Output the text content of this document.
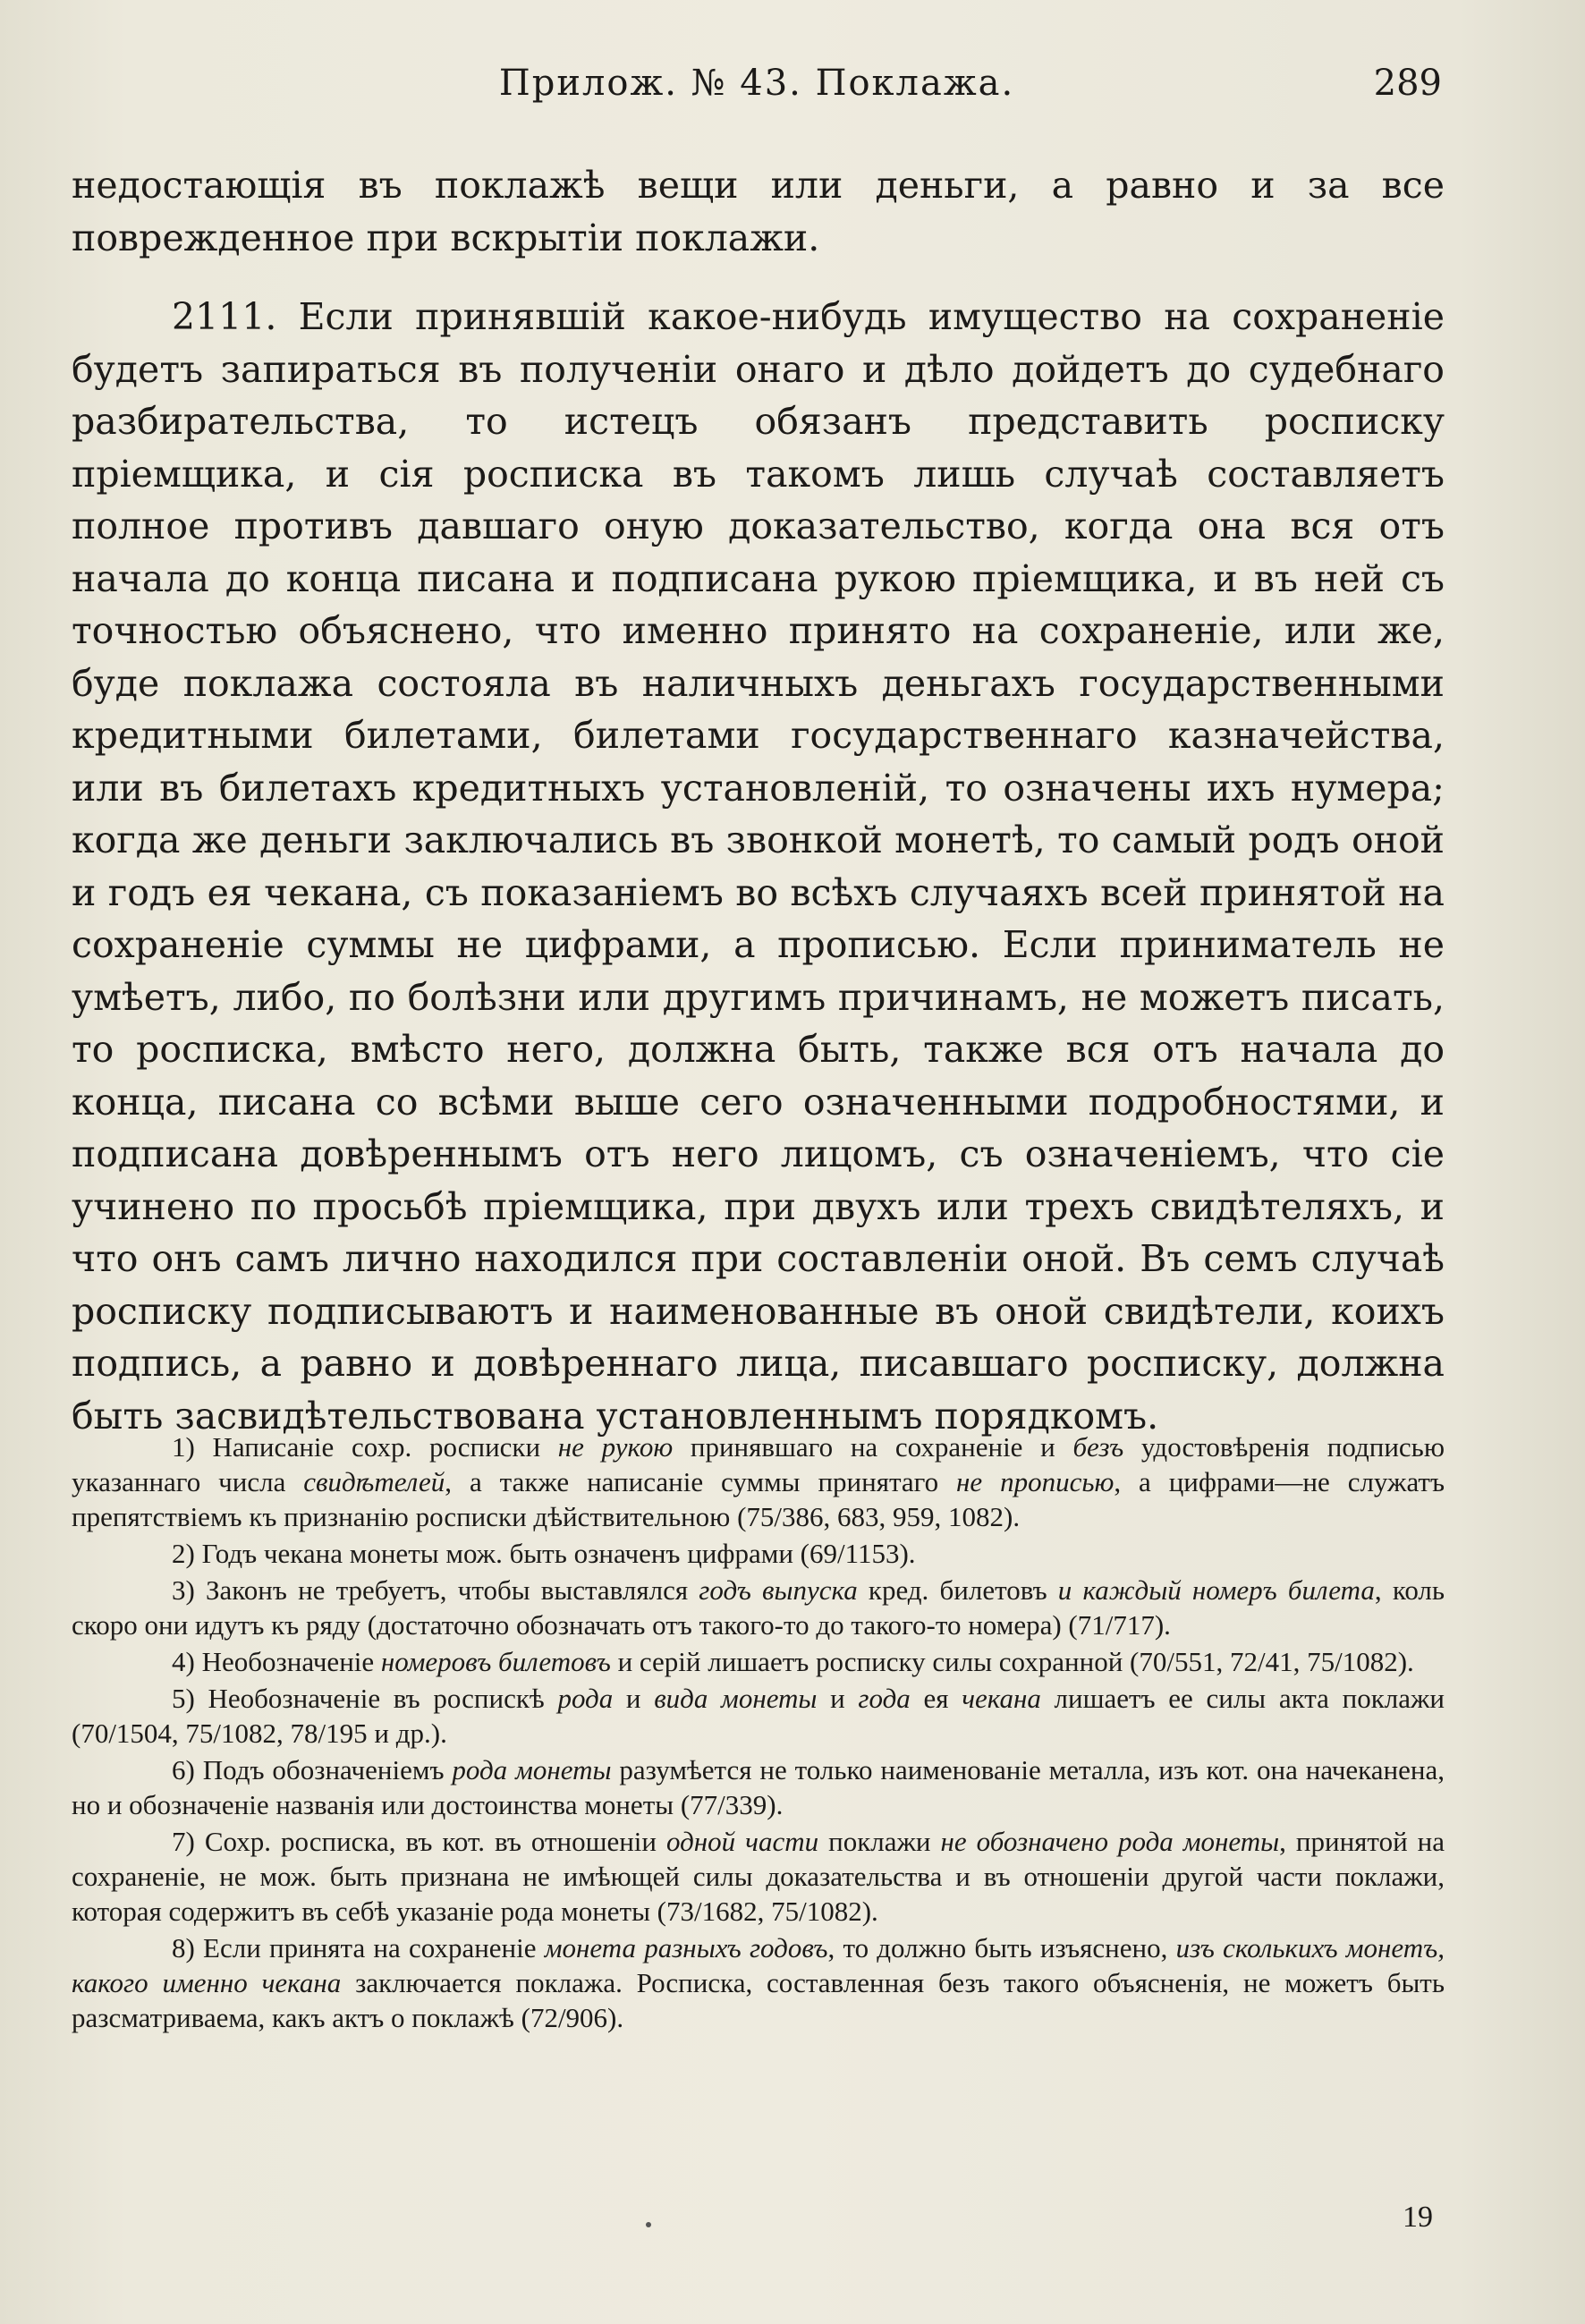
Прилож. № 43. Поклажа.	289

недостающія въ поклажѣ вещи или деньги, а равно и за все поврежденное при вскрытіи поклажи.

2111. Если принявшій какое-нибудь имущество на сохраненіе будетъ запираться въ полученіи онаго и дѣло дойдетъ до судебнаго разбирательства, то истецъ обязанъ представить росписку пріемщика, и сія росписка въ такомъ лишь случаѣ составляетъ полное противъ давшаго оную доказательство, когда она вся отъ начала до конца писана и подписана рукою пріемщика, и въ ней съ точностью объяснено, что именно принято на сохраненіе, или же, буде поклажа состояла въ наличныхъ деньгахъ государственными кредитными билетами, билетами государственнаго казначейства, или въ билетахъ кредитныхъ установленій, то означены ихъ нумера; когда же деньги заключались въ звонкой монетѣ, то самый родъ оной и годъ ея чекана, съ показаніемъ во всѣхъ случаяхъ всей принятой на сохраненіе суммы не цифрами, а прописью. Если приниматель не умѣетъ, либо, по болѣзни или другимъ причинамъ, не можетъ писать, то росписка, вмѣсто него, должна быть, также вся отъ начала до конца, писана со всѣми выше сего означенными подробностями, и подписана довѣреннымъ отъ него лицомъ, съ означеніемъ, что сіе учинено по просьбѣ пріемщика, при двухъ или трехъ свидѣтеляхъ, и что онъ самъ лично находился при составленіи оной. Въ семъ случаѣ росписку подписываютъ и наименованные въ оной свидѣтели, коихъ подпись, а равно и довѣреннаго лица, писавшаго росписку, должна быть засвидѣтельствована установленнымъ порядкомъ.

1) Написаніе сохр. росписки не рукою принявшаго на сохраненіе и безъ удостовѣренія подписью указаннаго числа свидѣтелей, а также написаніе суммы принятаго не прописью, а цифрами—не служатъ препятствіемъ къ признанію росписки дѣйствительною (75/386, 683, 959, 1082).

2) Годъ чекана монеты мож. быть означенъ цифрами (69/1153).

3) Законъ не требуетъ, чтобы выставлялся годъ выпуска кред. билетовъ и каждый номеръ билета, коль скоро они идутъ къ ряду (достаточно обозначать отъ такого-то до такого-то номера) (71/717).

4) Необозначеніе номеровъ билетовъ и серій лишаетъ росписку силы сохранной (70/551, 72/41, 75/1082).

5) Необозначеніе въ роспискѣ рода и вида монеты и года ея чекана лишаетъ ее силы акта поклажи (70/1504, 75/1082, 78/195 и др.).

6) Подъ обозначеніемъ рода монеты разумѣется не только наименованіе металла, изъ кот. она начеканена, но и обозначеніе названія или достоинства монеты (77/339).

7) Сохр. росписка, въ кот. въ отношеніи одной части поклажи не обозначено рода монеты, принятой на сохраненіе, не мож. быть признана не имѣющей силы доказательства и въ отношеніи другой части поклажи, которая содержитъ въ себѣ указаніе рода монеты (73/1682, 75/1082).

8) Если принята на сохраненіе монета разныхъ годовъ, то должно быть изъяснено, изъ сколькихъ монетъ, какого именно чекана заключается поклажа. Росписка, составленная безъ такого объясненія, не можетъ быть разсматриваема, какъ актъ о поклажѣ (72/906).

19
